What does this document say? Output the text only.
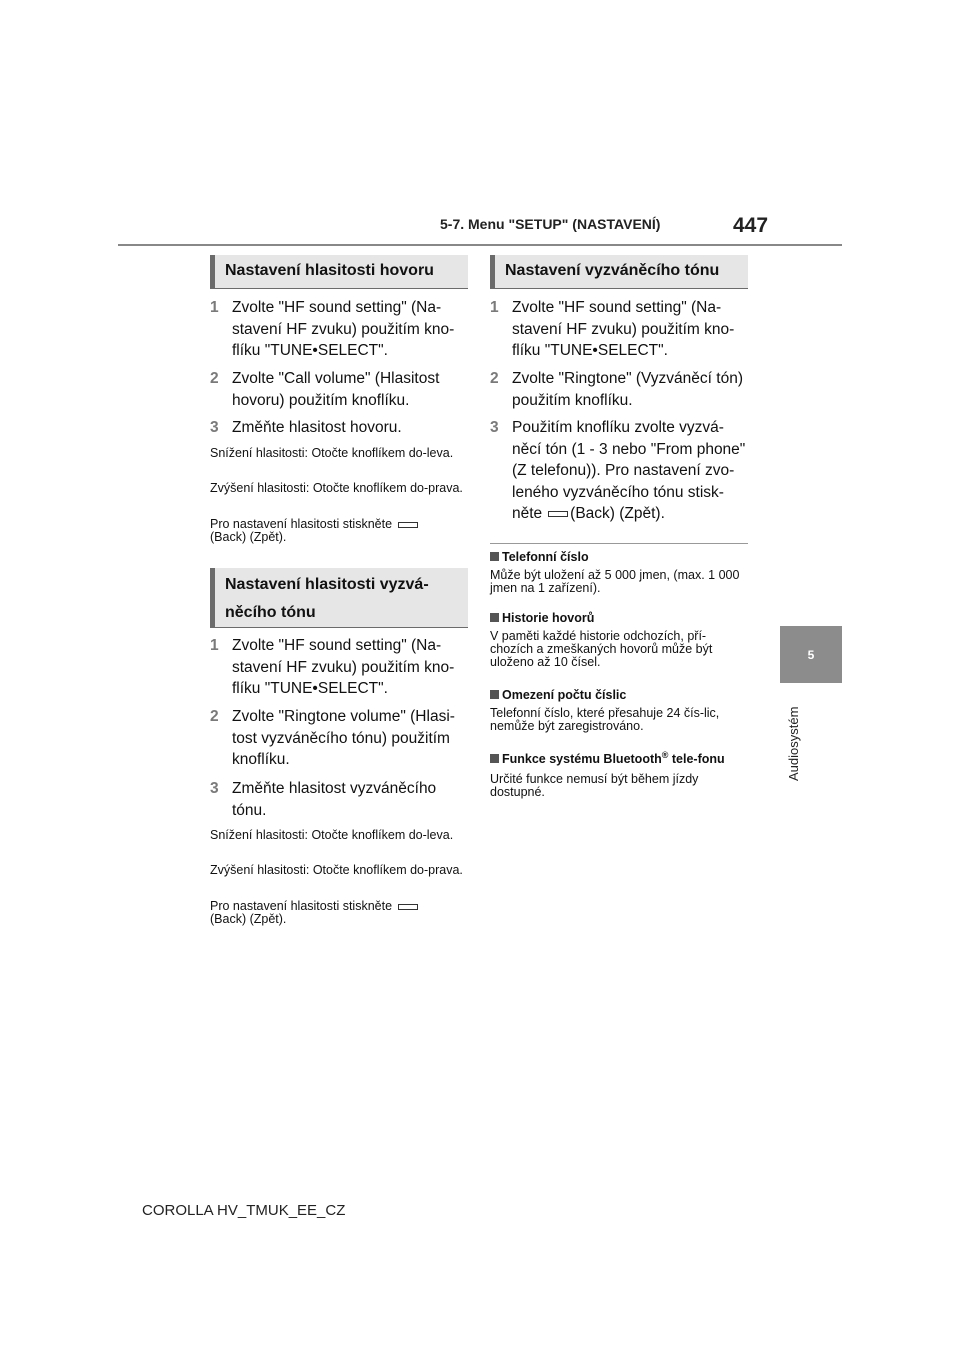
5-7. Menu "SETUP" (NASTAVENÍ)	447
5
Audiosystém
Nastavení hlasitosti hovoru
1 Zvolte "HF sound setting" (Na-stavení HF zvuku) použitím kno-flíku "TUNE•SELECT".
2 Zvolte "Call volume" (Hlasitost hovoru) použitím knoflíku.
3 Změňte hlasitost hovoru.
Snížení hlasitosti: Otočte knoflíkem do-leva.
Zvýšení hlasitosti: Otočte knoflíkem do-prava.
Pro nastavení hlasitosti stiskněte
(Back) (Zpět).
Nastavení hlasitosti vyzvá-
něcího tónu
1 Zvolte "HF sound setting" (Na-stavení HF zvuku) použitím kno-flíku "TUNE•SELECT".
2 Zvolte "Ringtone volume" (Hlasi-tost vyzváněcího tónu) použitím knoflíku.
3 Změňte hlasitost vyzváněcího tónu.
Snížení hlasitosti: Otočte knoflíkem do-leva.
Zvýšení hlasitosti: Otočte knoflíkem do-prava.
Pro nastavení hlasitosti stiskněte
(Back) (Zpět).
Nastavení vyzváněcího tónu
1 Zvolte "HF sound setting" (Na-stavení HF zvuku) použitím kno-flíku "TUNE•SELECT".
2 Zvolte "Ringtone" (Vyzváněcí tón) použitím knoflíku.
3 Použitím knoflíku zvolte vyzvá-něcí tón (1 - 3 nebo "From phone" (Z telefonu)). Pro nastavení zvo-leného vyzváněcího tónu stisk-něte (Back) (Zpět).
Telefonní číslo
Může být uložení až 5 000 jmen, (max. 1 000 jmen na 1 zařízení).
Historie hovorů
V paměti každé historie odchozích, pří-chozích a zmeškaných hovorů může být uloženo až 10 čísel.
Omezení počtu číslic
Telefonní číslo, které přesahuje 24 čís-lic, nemůže být zaregistrováno.
Funkce systému Bluetooth® tele-fonu
Určité funkce nemusí být během jízdy dostupné.
COROLLA HV_TMUK_EE_CZ
